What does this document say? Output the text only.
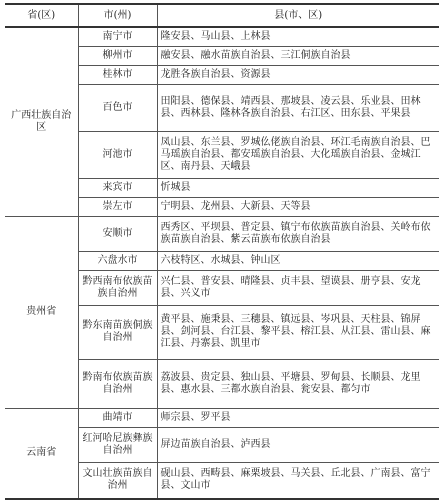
省(区)	市(州)	县(市、区)
广西壮族自治区	南宁市	隆安县、马山县、上林县
	柳州市	融安县、融水苗族自治县、三江侗族自治县
	桂林市	龙胜各族自治县、资源县
	百色市	田阳县、德保县、靖西县、那坡县、凌云县、乐业县、田林县、西林县、隆林各族自治县、右江区、田东县、平果县
	河池市	凤山县、东兰县、罗城仫佬族自治县、环江毛南族自治县、巴马瑶族自治县、都安瑶族自治县、大化瑶族自治县、金城江区、南丹县、天峨县
	来宾市	忻城县
	崇左市	宁明县、龙州县、大新县、天等县
贵州省	安顺市	西秀区、平坝县、普定县、镇宁布依族苗族自治县、关岭布依族苗族自治县、紫云苗族布依族自治县
	六盘水市	六枝特区、水城县、钟山区
	黔西南布依族苗族自治州	兴仁县、普安县、晴隆县、贞丰县、望谟县、册亨县、安龙县、兴义市
	黔东南苗族侗族自治州	黄平县、施秉县、三穗县、镇远县、岑巩县、天柱县、锦屏县、剑河县、台江县、黎平县、榕江县、从江县、雷山县、麻江县、丹寨县、凯里市
	黔南布依族苗族自治州	荔波县、贵定县、独山县、平塘县、罗甸县、长顺县、龙里县、惠水县、三都水族自治县、瓮安县、都匀市
云南省	曲靖市	师宗县、罗平县
	红河哈尼族彝族自治州	屏边苗族自治县、泸西县
	文山壮族苗族自治州	砚山县、西畴县、麻栗坡县、马关县、丘北县、广南县、富宁县、文山市
